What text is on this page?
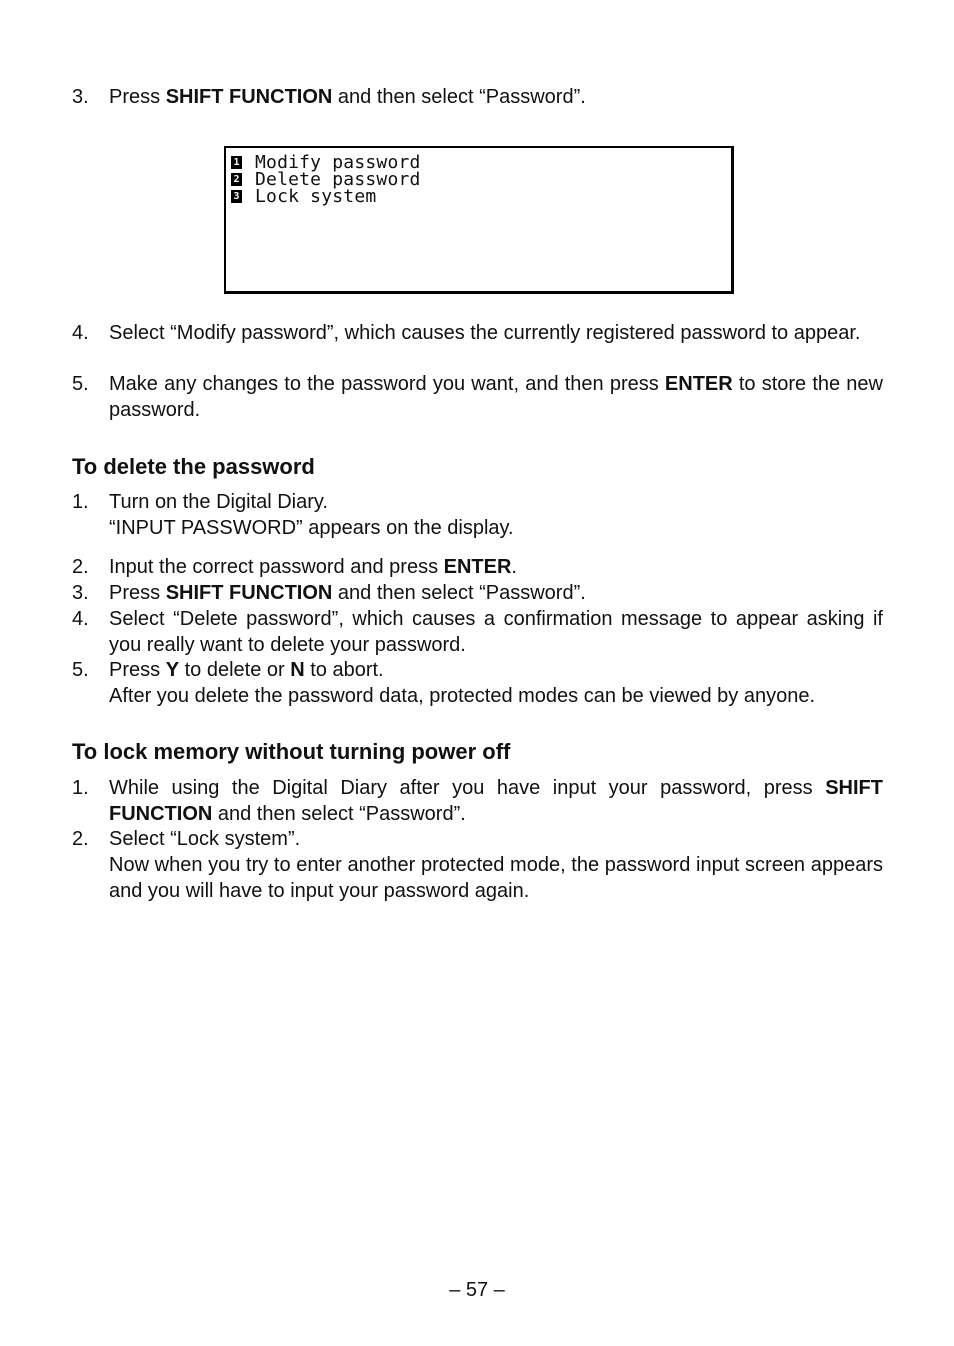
3.	Press SHIFT FUNCTION and then select “Password”.

1 Modify password
2 Delete password
3 Lock system
4.	Select “Modify password”, which causes the currently registered password to appear.

5.	Make any changes to the password you want, and then press ENTER to store the new password.

To delete the password
1.	Turn on the Digital Diary.

“INPUT PASSWORD” appears on the display.

2.	Input the correct password and press ENTER.

3.	Press SHIFT FUNCTION and then select “Password”.

4.	Select “Delete password”, which causes a confirmation message to appear asking if you really want to delete your password.

5.	Press Y to delete or N to abort.

After you delete the password data, protected modes can be viewed by anyone.

To lock memory without turning power off
1.	While using the Digital Diary after you have input your password, press SHIFT FUNCTION and then select “Password”.

2.	Select “Lock system”.

Now when you try to enter another protected mode, the password input screen appears and you will have to input your password again.

– 57 –
